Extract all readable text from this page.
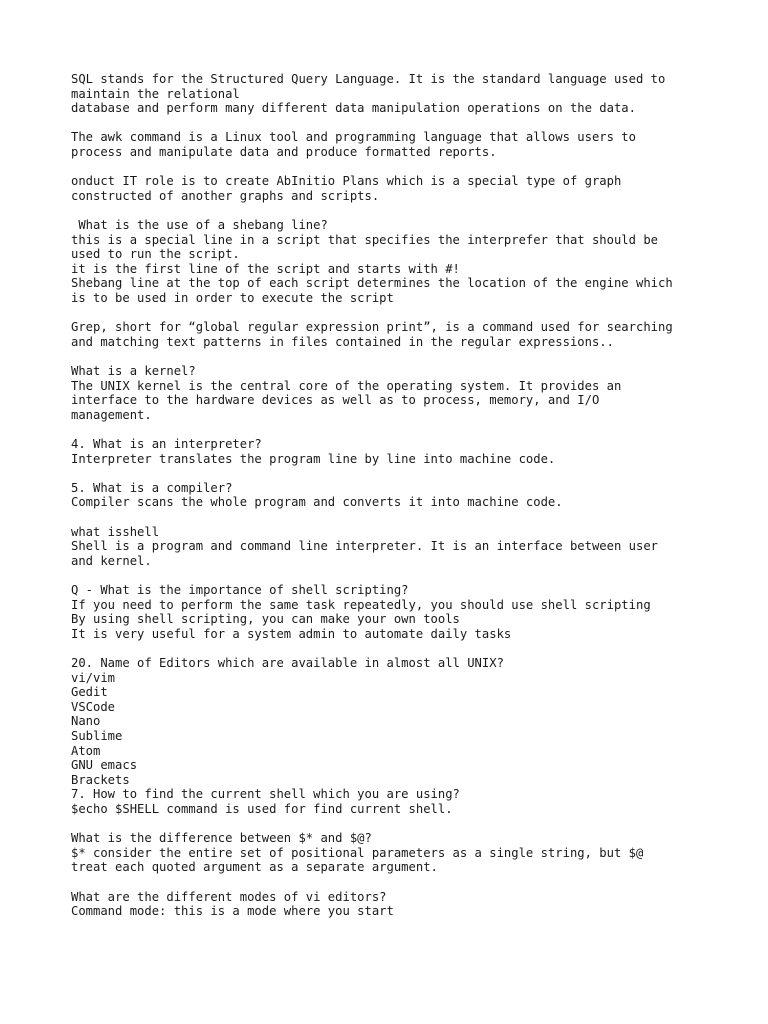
SQL stands for the Structured Query Language. It is the standard language used to
maintain the relational
database and perform many different data manipulation operations on the data.
The awk command is a Linux tool and programming language that allows users to
process and manipulate data and produce formatted reports.
onduct IT role is to create AbInitio Plans which is a special type of graph
constructed of another graphs and scripts.
What is the use of a shebang line?
this is a special line in a script that specifies the interprefer that should be
used to run the script.
it is the first line of the script and starts with #!
Shebang line at the top of each script determines the location of the engine which
is to be used in order to execute the script
Grep, short for “global regular expression print”, is a command used for searching
and matching text patterns in files contained in the regular expressions..
What is a kernel?
The UNIX kernel is the central core of the operating system. It provides an
interface to the hardware devices as well as to process, memory, and I/O
management.
4. What is an interpreter?
Interpreter translates the program line by line into machine code.
5. What is a compiler?
Compiler scans the whole program and converts it into machine code.
what isshell
Shell is a program and command line interpreter. It is an interface between user
and kernel.
Q - What is the importance of shell scripting?
If you need to perform the same task repeatedly, you should use shell scripting
By using shell scripting, you can make your own tools
It is very useful for a system admin to automate daily tasks
20. Name of Editors which are available in almost all UNIX?
vi/vim
Gedit
VSCode
Nano
Sublime
Atom
GNU emacs
Brackets
7. How to find the current shell which you are using?
$echo $SHELL command is used for find current shell.
What is the difference between $* and $@?
$* consider the entire set of positional parameters as a single string, but $@
treat each quoted argument as a separate argument.
What are the different modes of vi editors?
Command mode: this is a mode where you start
